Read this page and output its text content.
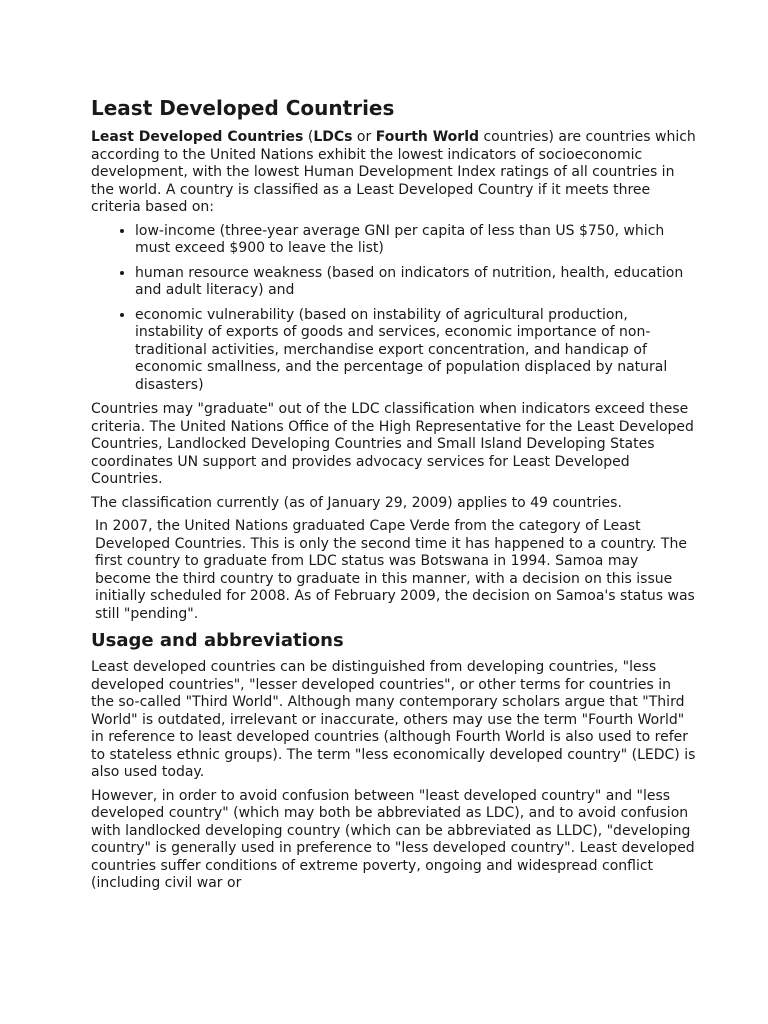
Least Developed Countries

Least Developed Countries (LDCs or Fourth World countries) are countries which according to the United Nations exhibit the lowest indicators of socioeconomic development, with the lowest Human Development Index ratings of all countries in the world. A country is classified as a Least Developed Country if it meets three criteria based on:

• low-income (three-year average GNI per capita of less than US $750, which must exceed $900 to leave the list)
• human resource weakness (based on indicators of nutrition, health, education and adult literacy) and
• economic vulnerability (based on instability of agricultural production, instability of exports of goods and services, economic importance of non-traditional activities, merchandise export concentration, and handicap of economic smallness, and the percentage of population displaced by natural disasters)

Countries may "graduate" out of the LDC classification when indicators exceed these criteria. The United Nations Office of the High Representative for the Least Developed Countries, Landlocked Developing Countries and Small Island Developing States coordinates UN support and provides advocacy services for Least Developed Countries.

The classification currently (as of January 29, 2009) applies to 49 countries.

In 2007, the United Nations graduated Cape Verde from the category of Least Developed Countries. This is only the second time it has happened to a country. The first country to graduate from LDC status was Botswana in 1994. Samoa may become the third country to graduate in this manner, with a decision on this issue initially scheduled for 2008. As of February 2009, the decision on Samoa's status was still "pending".

Usage and abbreviations

Least developed countries can be distinguished from developing countries, "less developed countries", "lesser developed countries", or other terms for countries in the so-called "Third World". Although many contemporary scholars argue that "Third World" is outdated, irrelevant or inaccurate, others may use the term "Fourth World" in reference to least developed countries (although Fourth World is also used to refer to stateless ethnic groups). The term "less economically developed country" (LEDC) is also used today.

However, in order to avoid confusion between "least developed country" and "less developed country" (which may both be abbreviated as LDC), and to avoid confusion with landlocked developing country (which can be abbreviated as LLDC), "developing country" is generally used in preference to "less developed country". Least developed countries suffer conditions of extreme poverty, ongoing and widespread conflict (including civil war or
